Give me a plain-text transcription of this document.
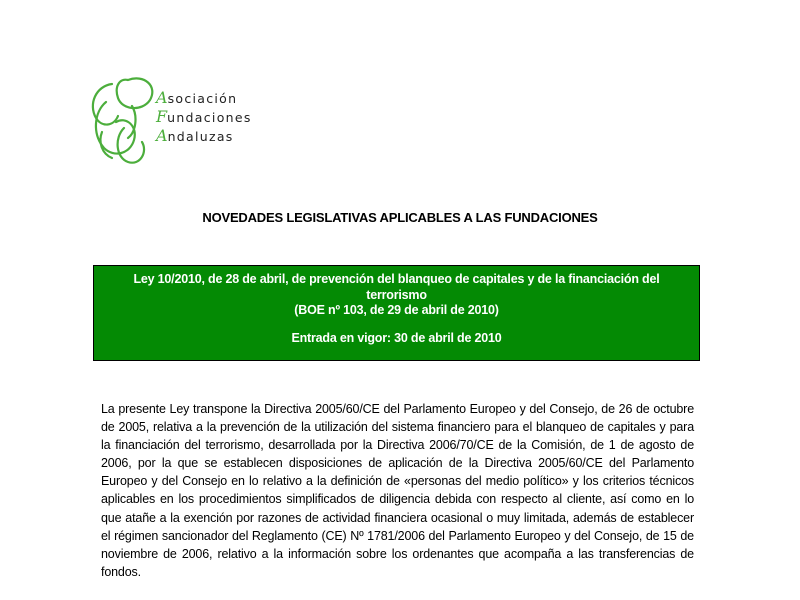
Asociación
Fundaciones
Andaluzas
NOVEDADES LEGISLATIVAS APLICABLES A LAS FUNDACIONES
Ley 10/2010, de 28 de abril, de prevención del blanqueo de capitales y de la financiación del
terrorismo
(BOE nº 103, de 29 de abril de 2010)
Entrada en vigor: 30 de abril de 2010
La presente Ley transpone la Directiva 2005/60/CE del Parlamento Europeo y del Consejo, de 26 de octubre de 2005, relativa a la prevención de la utilización del sistema financiero para el blanqueo de capitales y para la financiación del terrorismo, desarrollada por la Directiva 2006/70/CE de la Comisión, de 1 de agosto de 2006, por la que se establecen disposiciones de aplicación de la Directiva 2005/60/CE del Parlamento Europeo y del Consejo en lo relativo a la definición de «personas del medio político» y los criterios técnicos aplicables en los procedimientos simplificados de diligencia debida con respecto al cliente, así como en lo que atañe a la exención por razones de actividad financiera ocasional o muy limitada, además de establecer el régimen sancionador del Reglamento (CE) Nº 1781/2006 del Parlamento Europeo y del Consejo, de 15 de noviembre de 2006, relativo a la información sobre los ordenantes que acompaña a las transferencias de fondos.
